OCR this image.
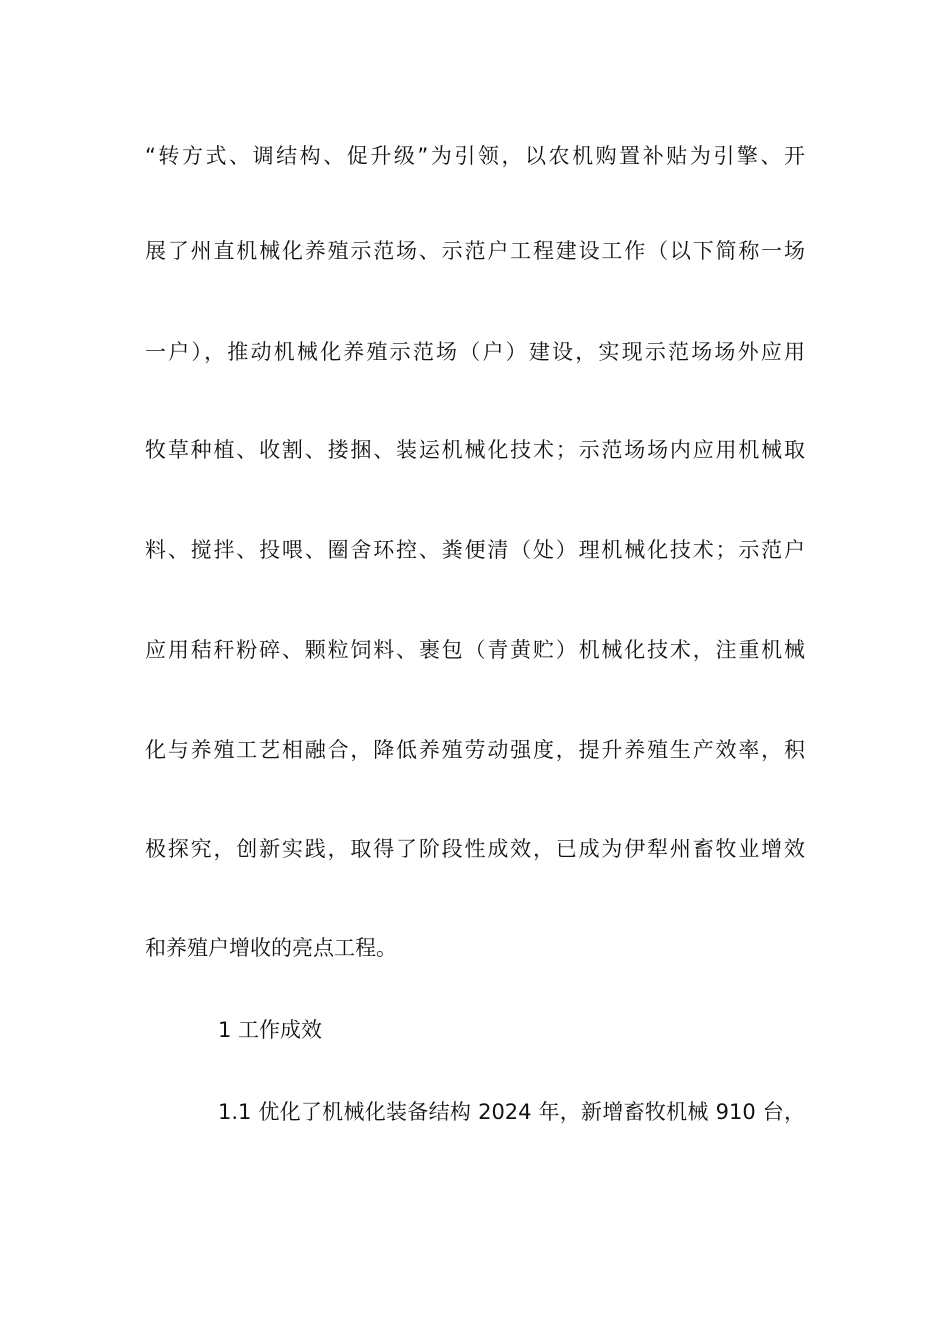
“转方式、调结构、促升级”为引领，以农机购置补贴为引擎、开
展了州直机械化养殖示范场、示范户工程建设工作（以下简称一场
一户），推动机械化养殖示范场（户）建设，实现示范场场外应用
牧草种植、收割、搂捆、装运机械化技术；示范场场内应用机械取
料、搅拌、投喂、圈舍环控、粪便清（处）理机械化技术；示范户
应用秸秆粉碎、颗粒饲料、裹包（青黄贮）机械化技术，注重机械
化与养殖工艺相融合，降低养殖劳动强度，提升养殖生产效率，积
极探究，创新实践，取得了阶段性成效，已成为伊犁州畜牧业增效
和养殖户增收的亮点工程。
1 工作成效
1.1 优化了机械化装备结构 2024 年，新增畜牧机械 910 台，
